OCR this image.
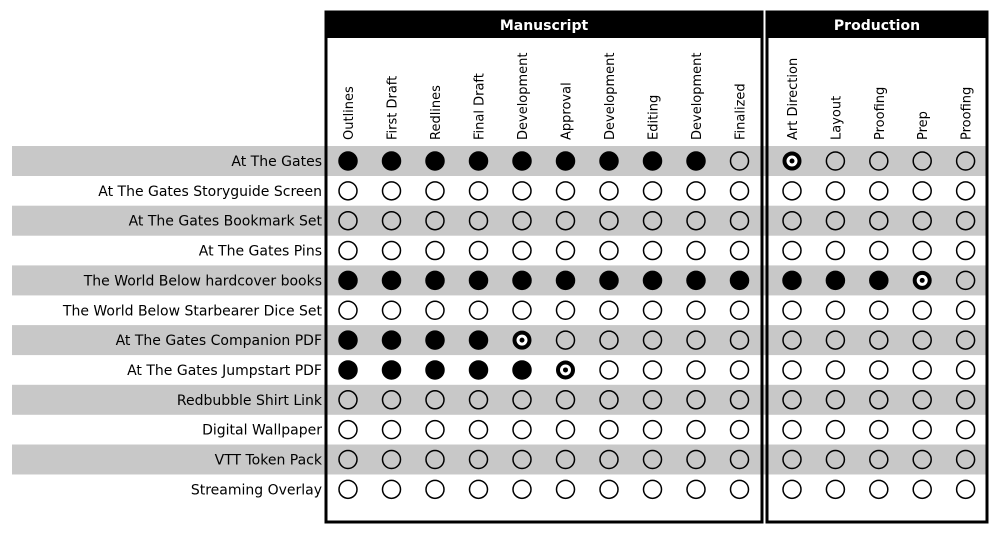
Manuscript	Production
Outlines First Draft Redlines Final Draft Development Approval Development Editing Development Finalized	Art Direction Layout Proofing Prep Proofing
At The Gates
At The Gates Storyguide Screen
At The Gates Bookmark Set
At The Gates Pins
The World Below hardcover books
The World Below Starbearer Dice Set
At The Gates Companion PDF
At The Gates Jumpstart PDF
Redbubble Shirt Link
Digital Wallpaper
VTT Token Pack
Streaming Overlay
